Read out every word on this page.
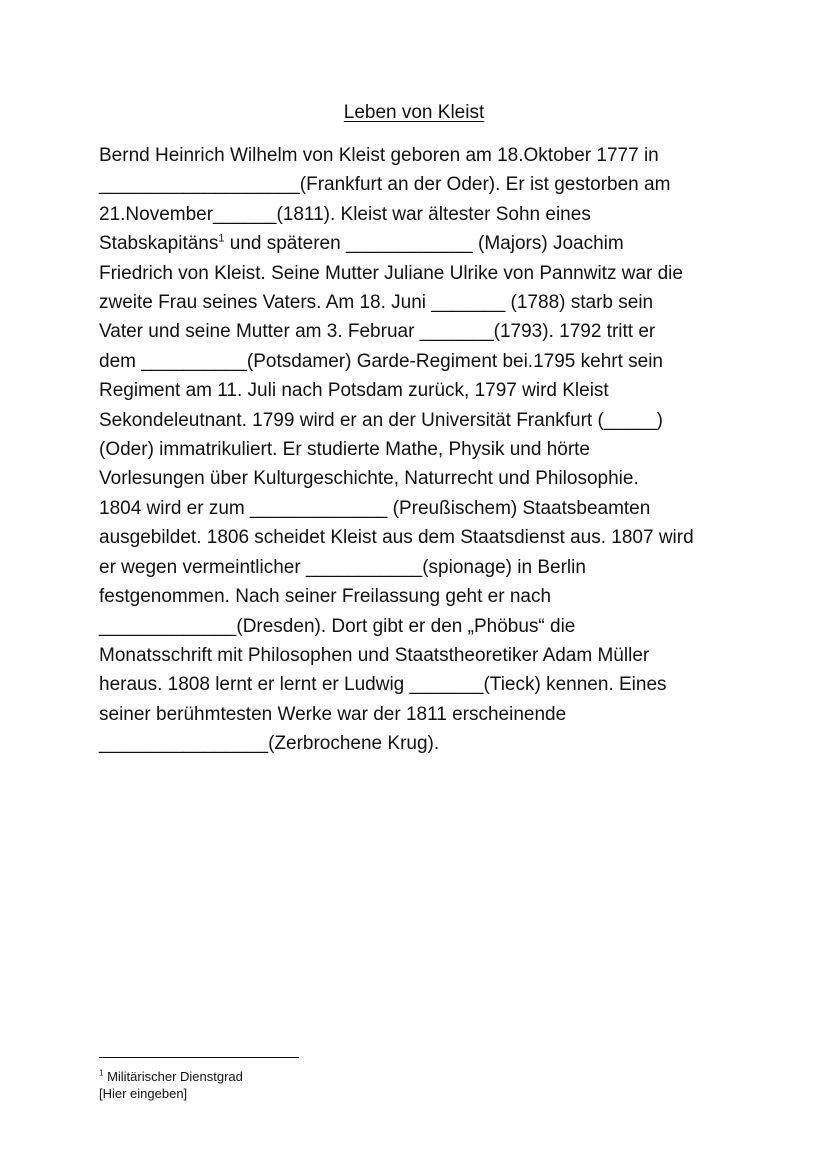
Leben von Kleist
Bernd Heinrich Wilhelm von Kleist geboren am 18.Oktober 1777 in
___________________(Frankfurt an der Oder). Er ist gestorben am
21.November______(1811). Kleist war ältester Sohn eines
Stabskapitäns$^1$ und späteren ____________ (Majors) Joachim
Friedrich von Kleist. Seine Mutter Juliane Ulrike von Pannwitz war die
zweite Frau seines Vaters. Am 18. Juni _______ (1788) starb sein
Vater und seine Mutter am 3. Februar _______(1793). 1792 tritt er
dem __________(Potsdamer) Garde-Regiment bei.1795 kehrt sein
Regiment am 11. Juli nach Potsdam zurück, 1797 wird Kleist
Sekondeleutnant. 1799 wird er an der Universität Frankfurt (_____)
(Oder) immatrikuliert. Er studierte Mathe, Physik und hörte
Vorlesungen über Kulturgeschichte, Naturrecht und Philosophie.
1804 wird er zum _____________ (Preußischem) Staatsbeamten
ausgebildet. 1806 scheidet Kleist aus dem Staatsdienst aus. 1807 wird
er wegen vermeintlicher ___________(spionage) in Berlin
festgenommen. Nach seiner Freilassung geht er nach
_____________(Dresden). Dort gibt er den „Phöbus“ die
Monatsschrift mit Philosophen und Staatstheoretiker Adam Müller
heraus. 1808 lernt er lernt er Ludwig _______(Tieck) kennen. Eines
seiner berühmtesten Werke war der 1811 erscheinende
________________(Zerbrochene Krug).
$^1$ Militärischer Dienstgrad
[Hier eingeben]
